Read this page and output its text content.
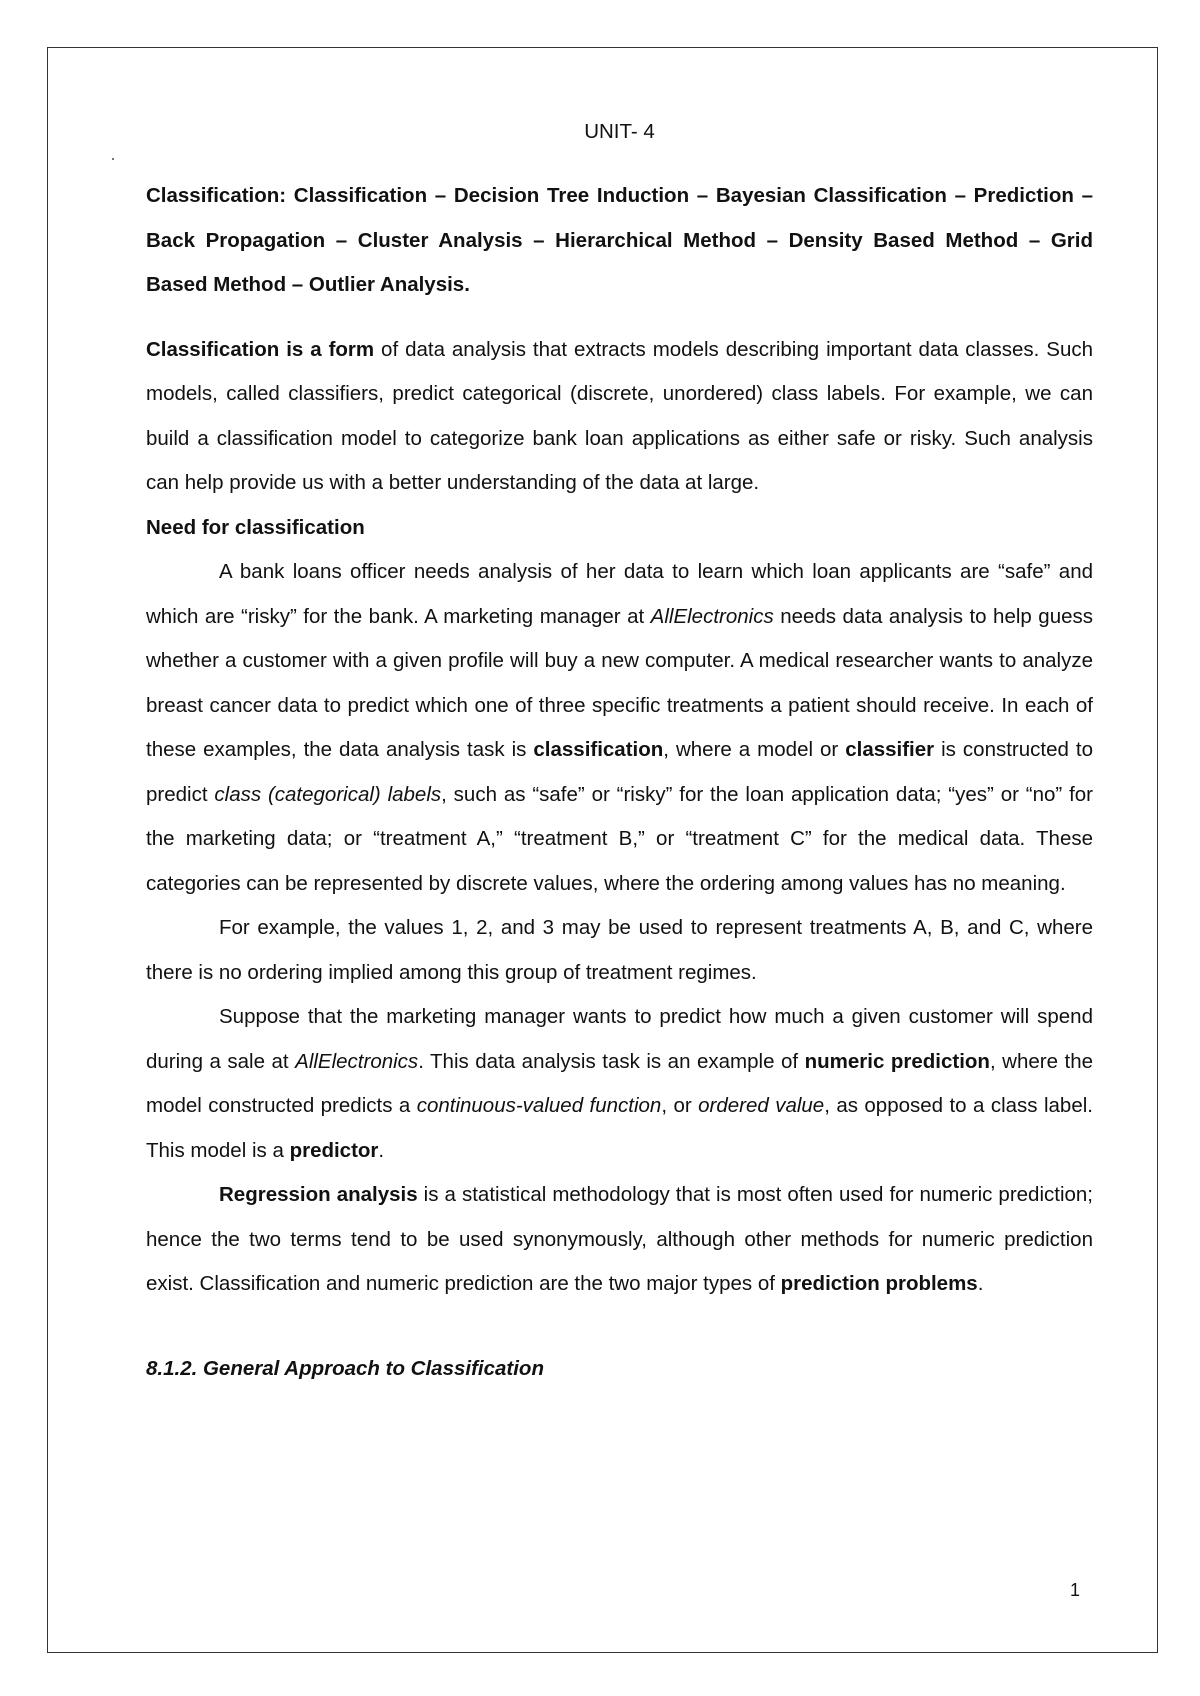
UNIT- 4

Classification: Classification – Decision Tree Induction – Bayesian Classification – Prediction – Back Propagation – Cluster Analysis – Hierarchical Method – Density Based Method – Grid Based Method – Outlier Analysis.

Classification is a form of data analysis that extracts models describing important data classes. Such models, called classifiers, predict categorical (discrete, unordered) class labels. For example, we can build a classification model to categorize bank loan applications as either safe or risky. Such analysis can help provide us with a better understanding of the data at large.

Need for classification

A bank loans officer needs analysis of her data to learn which loan applicants are “safe” and which are “risky” for the bank. A marketing manager at AllElectronics needs data analysis to help guess whether a customer with a given profile will buy a new computer. A medical researcher wants to analyze breast cancer data to predict which one of three specific treatments a patient should receive. In each of these examples, the data analysis task is classification, where a model or classifier is constructed to predict class (categorical) labels, such as “safe” or “risky” for the loan application data; “yes” or “no” for the marketing data; or “treatment A,” “treatment B,” or “treatment C” for the medical data. These categories can be represented by discrete values, where the ordering among values has no meaning.

For example, the values 1, 2, and 3 may be used to represent treatments A, B, and C, where there is no ordering implied among this group of treatment regimes.

Suppose that the marketing manager wants to predict how much a given customer will spend during a sale at AllElectronics. This data analysis task is an example of numeric prediction, where the model constructed predicts a continuous-valued function, or ordered value, as opposed to a class label. This model is a predictor.

Regression analysis is a statistical methodology that is most often used for numeric prediction; hence the two terms tend to be used synonymously, although other methods for numeric prediction exist. Classification and numeric prediction are the two major types of prediction problems.

8.1.2. General Approach to Classification

1
